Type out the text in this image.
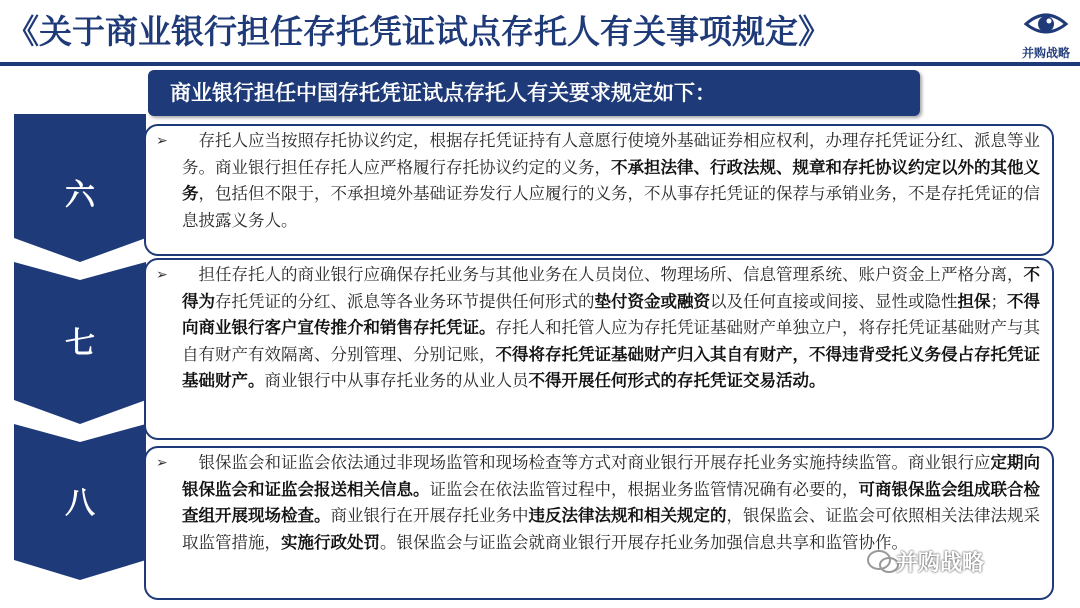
《关于商业银行担任存托凭证试点存托人有关事项规定》
并购战略
商业银行担任中国存托凭证试点存托人有关要求规定如下：
六
➢
　	存托人应当按照存托协议约定，根据存托凭证持有人意愿行使境外基础证券相应权利，办理存托凭证分红、派息等业务。商业银行担任存托人应严格履行存托协议约定的义务，不承担法律、行政法规、规章和存托协议约定以外的其他义务，包括但不限于，不承担境外基础证券发行人应履行的义务，不从事存托凭证的保荐与承销业务，不是存托凭证的信息披露义务人。
七
➢
　	担任存托人的商业银行应确保存托业务与其他业务在人员岗位、物理场所、信息管理系统、账户资金上严格分离，不得为存托凭证的分红、派息等各业务环节提供任何形式的垫付资金或融资以及任何直接或间接、显性或隐性担保；不得向商业银行客户宣传推介和销售存托凭证。存托人和托管人应为存托凭证基础财产单独立户，将存托凭证基础财产与其自有财产有效隔离、分别管理、分别记账，不得将存托凭证基础财产归入其自有财产，不得违背受托义务侵占存托凭证基础财产。商业银行中从事存托业务的从业人员不得开展任何形式的存托凭证交易活动。
八
➢
　	银保监会和证监会依法通过非现场监管和现场检查等方式对商业银行开展存托业务实施持续监管。商业银行应定期向银保监会和证监会报送相关信息。证监会在依法监管过程中，根据业务监管情况确有必要的，可商银保监会组成联合检查组开展现场检查。商业银行在开展存托业务中违反法律法规和相关规定的，银保监会、证监会可依照相关法律法规采取监管措施，实施行政处罚。银保监会与证监会就商业银行开展存托业务加强信息共享和监管协作。
并购战略
